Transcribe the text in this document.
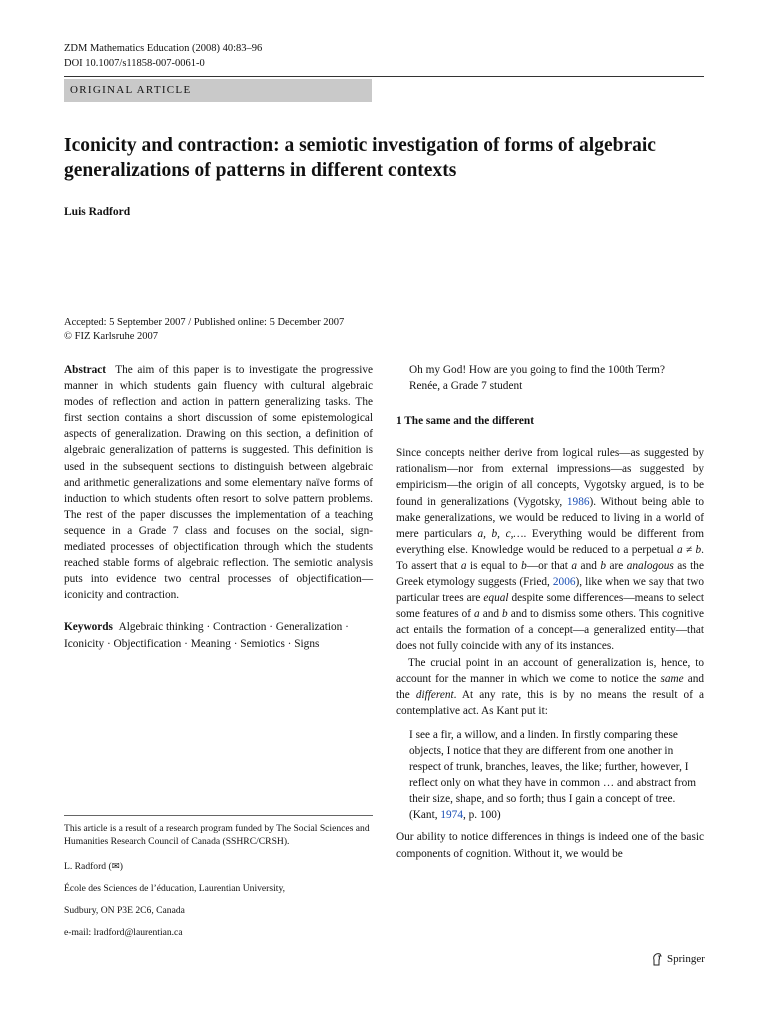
ZDM Mathematics Education (2008) 40:83–96
DOI 10.1007/s11858-007-0061-0
ORIGINAL ARTICLE
Iconicity and contraction: a semiotic investigation of forms of algebraic generalizations of patterns in different contexts
Luis Radford
Accepted: 5 September 2007 / Published online: 5 December 2007
© FIZ Karlsruhe 2007
Abstract The aim of this paper is to investigate the progressive manner in which students gain fluency with cultural algebraic modes of reflection and action in pattern generalizing tasks. The first section contains a short discussion of some epistemological aspects of generalization. Drawing on this section, a definition of algebraic generalization of patterns is suggested. This definition is used in the subsequent sections to distinguish between algebraic and arithmetic generalizations and some elementary naïve forms of induction to which students often resort to solve pattern problems. The rest of the paper discusses the implementation of a teaching sequence in a Grade 7 class and focuses on the social, sign-mediated processes of objectification through which the students reached stable forms of algebraic reflection. The semiotic analysis puts into evidence two central processes of objectification—iconicity and contraction.
Keywords Algebraic thinking · Contraction · Generalization · Iconicity · Objectification · Meaning · Semiotics · Signs
This article is a result of a research program funded by The Social Sciences and Humanities Research Council of Canada (SSHRC/CRSH).
L. Radford (✉)
École des Sciences de l’éducation, Laurentian University,
Sudbury, ON P3E 2C6, Canada
e-mail: lradford@laurentian.ca
Oh my God! How are you going to find the 100th Term?
Renée, a Grade 7 student
1 The same and the different
Since concepts neither derive from logical rules—as suggested by rationalism—nor from external impressions—as suggested by empiricism—the origin of all concepts, Vygotsky argued, is to be found in generalizations (Vygotsky, 1986). Without being able to make generalizations, we would be reduced to living in a world of mere particulars a, b, c,…. Everything would be different from everything else. Knowledge would be reduced to a perpetual a ≠ b. To assert that a is equal to b—or that a and b are analogous as the Greek etymology suggests (Fried, 2006), like when we say that two particular trees are equal despite some differences—means to select some features of a and b and to dismiss some others. This cognitive act entails the formation of a concept—a generalized entity—that does not fully coincide with any of its instances.
The crucial point in an account of generalization is, hence, to account for the manner in which we come to notice the same and the different. At any rate, this is by no means the result of a contemplative act. As Kant put it:
I see a fir, a willow, and a linden. In firstly comparing these objects, I notice that they are different from one another in respect of trunk, branches, leaves, the like; further, however, I reflect only on what they have in common … and abstract from their size, shape, and so forth; thus I gain a concept of tree. (Kant, 1974, p. 100)
Our ability to notice differences in things is indeed one of the basic components of cognition. Without it, we would be
Springer
